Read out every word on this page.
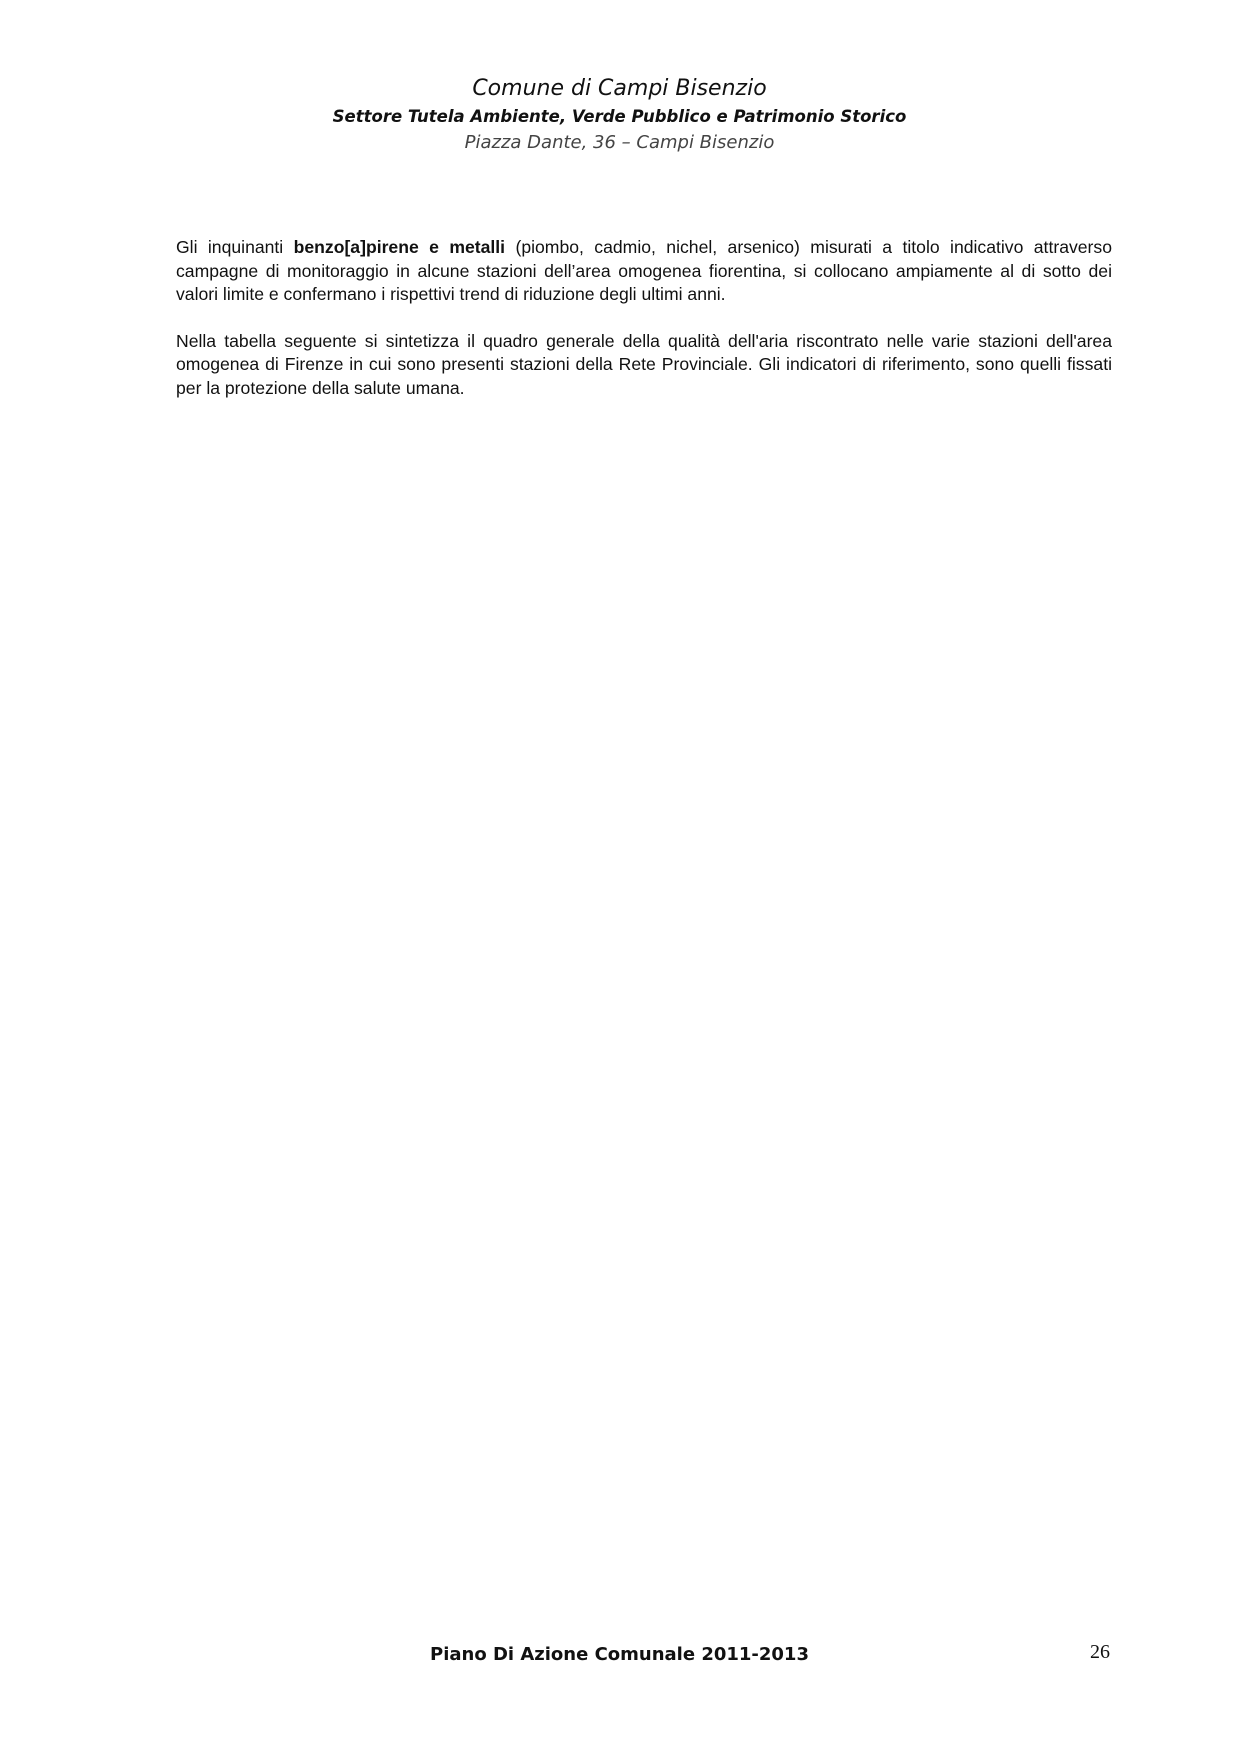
Comune di Campi Bisenzio
Settore Tutela Ambiente, Verde Pubblico e Patrimonio Storico
Piazza Dante, 36 – Campi Bisenzio

Gli inquinanti benzo[a]pirene e metalli (piombo, cadmio, nichel, arsenico) misurati a titolo indicativo attraverso campagne di monitoraggio in alcune stazioni dell’area omogenea fiorentina, si collocano ampiamente al di sotto dei valori limite e confermano i rispettivi trend di riduzione degli ultimi anni.

Nella tabella seguente si sintetizza il quadro generale della qualità dell'aria riscontrato nelle varie stazioni dell'area omogenea di Firenze in cui sono presenti stazioni della Rete Provinciale. Gli indicatori di riferimento, sono quelli fissati per la protezione della salute umana.

Piano Di Azione Comunale 2011-2013	26
